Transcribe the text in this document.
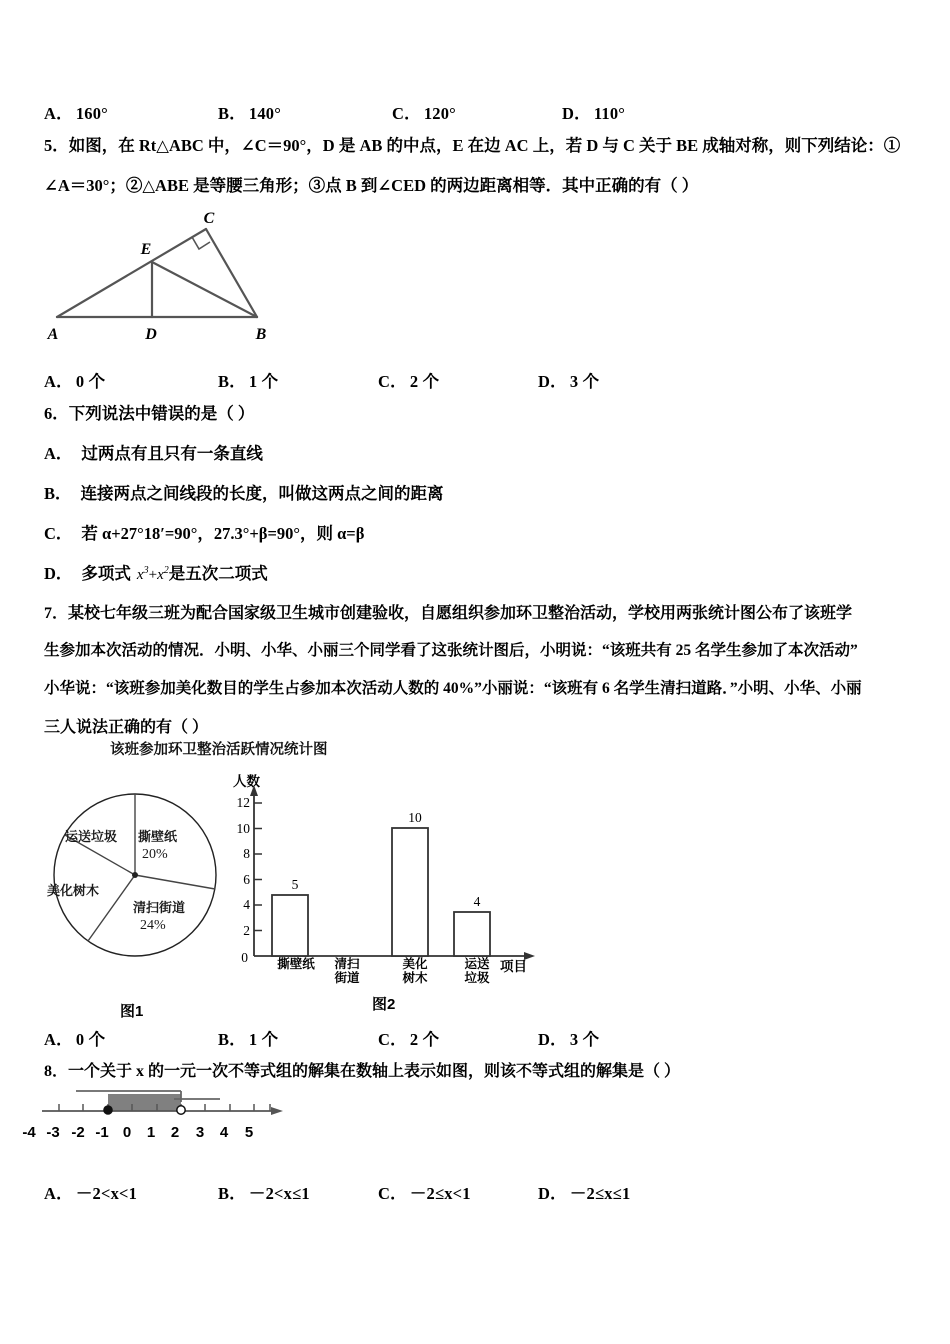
A． 160°	B． 140°	C． 120°	D． 110°
5．如图，在 Rt△ABC 中，∠C＝90°，D 是 AB 的中点，E 在边 AC 上，若 D 与 C 关于 BE 成轴对称，则下列结论：①
∠A＝30°；②△ABE 是等腰三角形；③点 B 到∠CED 的两边距离相等．其中正确的有（ ）
A	D	B
E
C
A． 0 个	B． 1 个	C． 2 个	D． 3 个
6．下列说法中错误的是（ ）
A． 过两点有且只有一条直线
B． 连接两点之间线段的长度，叫做这两点之间的距离
C． 若 α+27°18′=90°，27.3°+β=90°，则 α=β
D． 多项式 $x^3+x^2$是五次二项式
7．某校七年级三班为配合国家级卫生城市创建验收，自愿组织参加环卫整治活动，学校用两张统计图公布了该班学
生参加本次活动的情况．小明、小华、小丽三个同学看了这张统计图后，小明说：“该班共有 25 名学生参加了本次活动”
小华说：“该班参加美化数目的学生占参加本次活动人数的 40%”小丽说：“该班有 6 名学生清扫道路．”小明、小华、小丽
三人说法正确的有（ ）
该班参加环卫整治活跃情况统计图
撕壁纸
20%
清扫街道
24%
美化树木
运送垃圾
图1
人数
项目
0
2
4
6
8
10
12
5
10
4
撕壁纸	清扫
街道
美化
树木
运送
垃圾
图2
A． 0 个	B． 1 个	C． 2 个	D． 3 个
8．一个关于 x 的一元一次不等式组的解集在数轴上表示如图，则该不等式组的解集是（ ）
-4 -3 -2 -1 0	1	2	3	4	5
A． －2<x<1	B． －2<x≤1	C． －2≤x<1	D． －2≤x≤1
